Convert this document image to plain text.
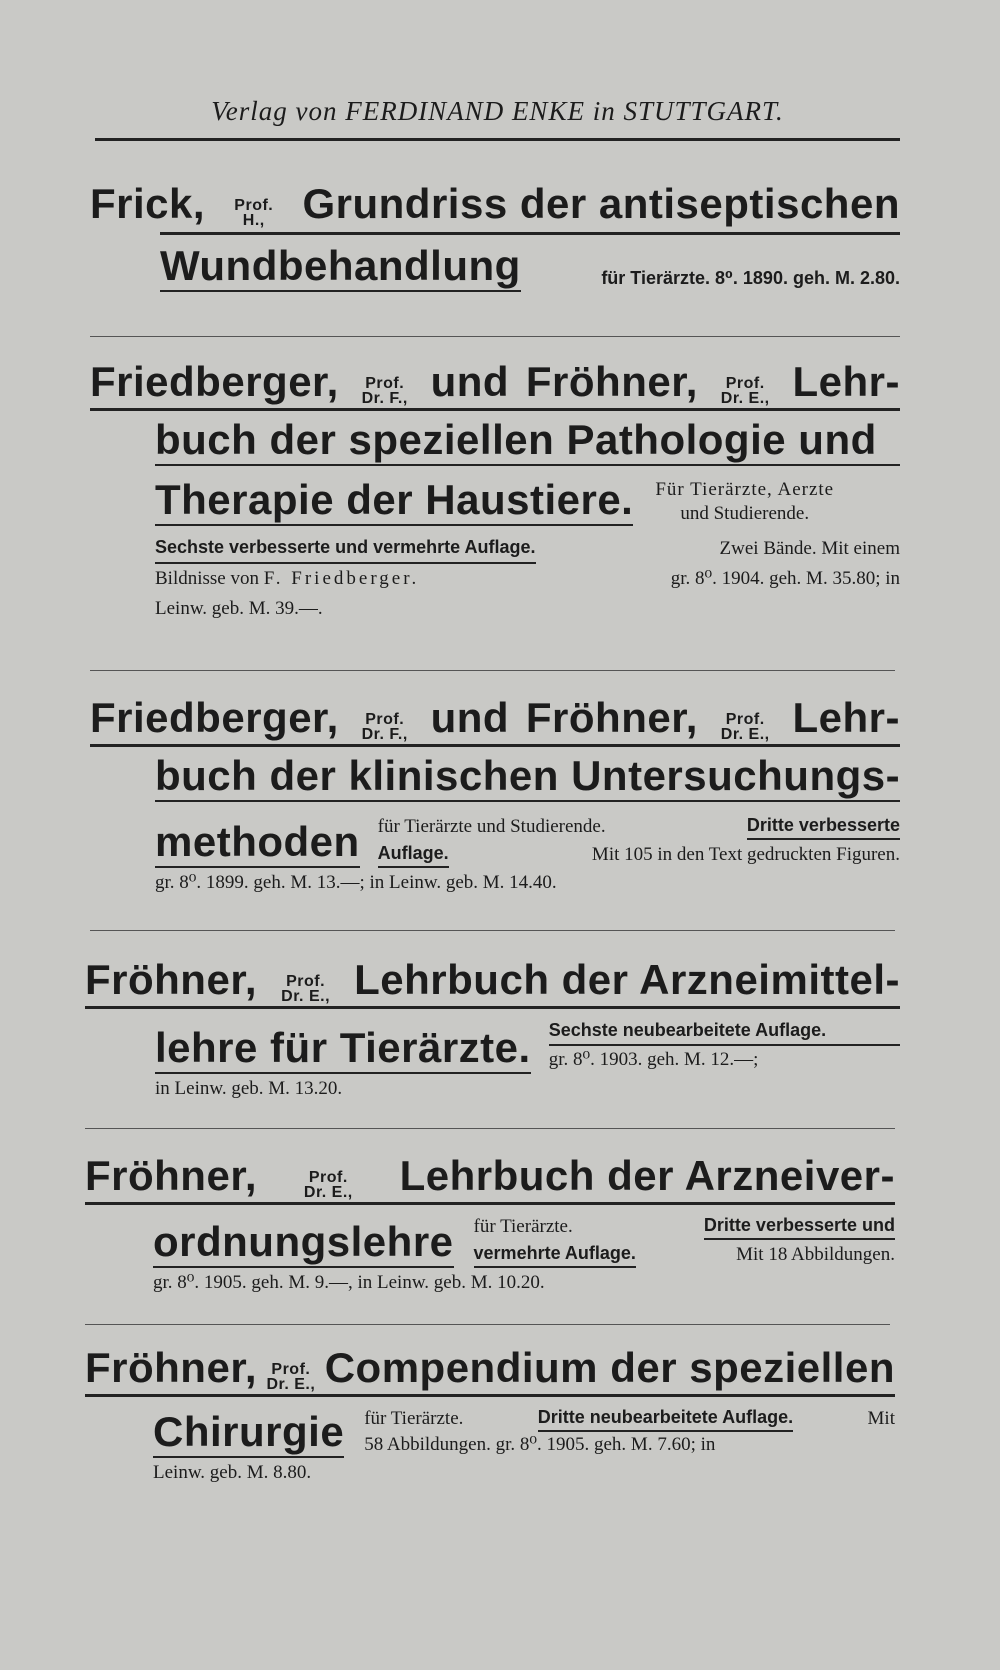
Verlag von FERDINAND ENKE in STUTTGART.
Frick, Prof.
H., Grundriss der antiseptischen
Wundbehandlung	für Tierärzte. 8⁰. 1890. geh. M. 2.80.
Friedberger, Prof.
Dr. F., und Fröhner, Prof.
Dr. E., Lehr-
buch der speziellen Pathologie und
Therapie der Haustiere. Für Tierärzte, Aerzte
und Studierende.
Sechste verbesserte und vermehrte Auflage.	Zwei Bände. Mit einem
Bildnisse von F. Friedberger.	gr. 8⁰. 1904. geh. M. 35.80; in
Leinw. geb. M. 39.—.
Friedberger, Prof.
Dr. F., und Fröhner, Prof.
Dr. E., Lehr-
buch der klinischen Untersuchungs-
methoden für Tierärzte und Studierende.	Dritte verbesserte
Auflage.	Mit 105 in den Text gedruckten Figuren.
gr. 8⁰. 1899. geh. M. 13.—; in Leinw. geb. M. 14.40.
Fröhner, Prof.
Dr. E., Lehrbuch der Arzneimittel-
lehre für Tierärzte. Sechste neubearbeitete Auflage.
gr. 8⁰. 1903. geh. M. 12.—;
in Leinw. geb. M. 13.20.
Fröhner,	Prof.
Dr. E., Lehrbuch der Arzneiver-
ordnungslehre für Tierärzte.	Dritte verbesserte und
vermehrte Auflage.	Mit 18 Abbildungen.
gr. 8⁰. 1905. geh. M. 9.—, in Leinw. geb. M. 10.20.
Fröhner, Prof.
Dr. E., Compendium der speziellen
Chirurgie für Tierärzte.	Dritte neubearbeitete Auflage.	Mit
58 Abbildungen. gr. 8⁰. 1905. geh. M. 7.60; in
Leinw. geb. M. 8.80.
